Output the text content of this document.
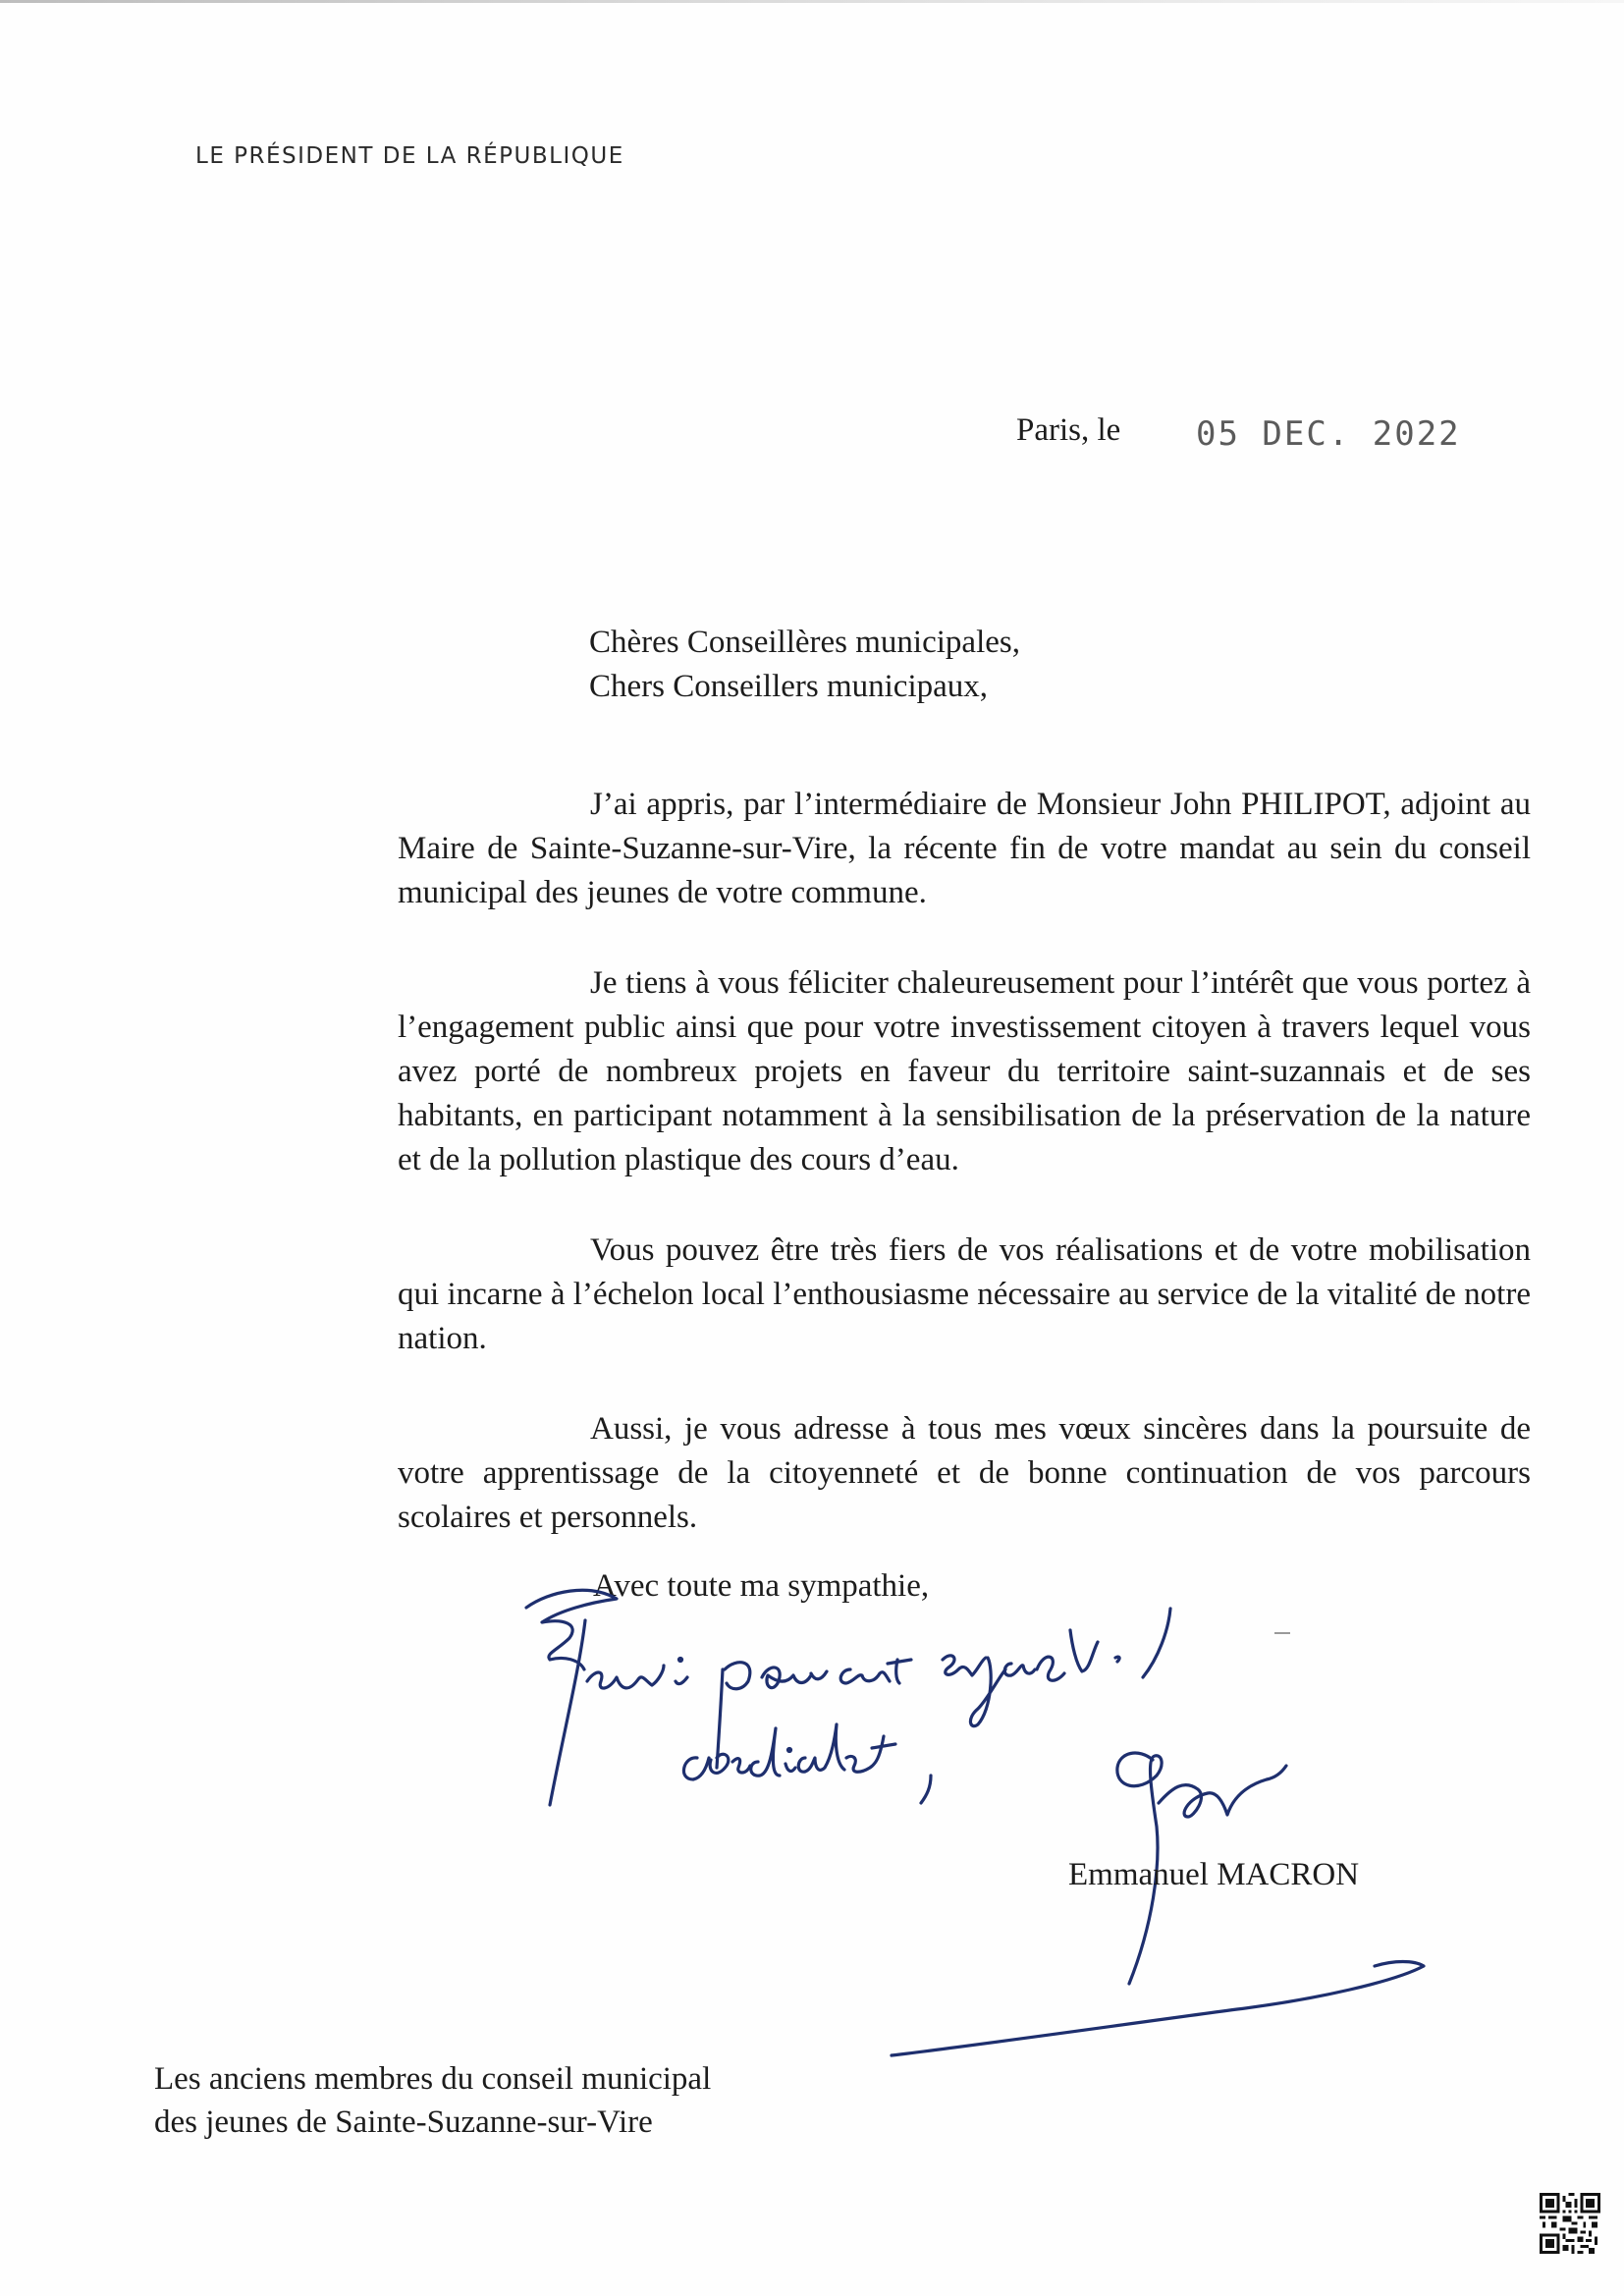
LE PRÉSIDENT DE LA RÉPUBLIQUE
Paris, le 05 DEC. 2022
Chères Conseillères municipales,
Chers Conseillers municipaux,

J’ai appris, par l’intermédiaire de Monsieur John PHILIPOT, adjoint au Maire de Sainte-Suzanne-sur-Vire, la récente fin de votre mandat au sein du conseil municipal des jeunes de votre commune.

Je tiens à vous féliciter chaleureusement pour l’intérêt que vous portez à l’engagement public ainsi que pour votre investissement citoyen à travers lequel vous avez porté de nombreux projets en faveur du territoire saint-suzannais et de ses habitants, en participant notamment à la sensibilisation de la préservation de la nature et de la pollution plastique des cours d’eau.

Vous pouvez être très fiers de vos réalisations et de votre mobilisation qui incarne à l’échelon local l’enthousiasme nécessaire au service de la vitalité de notre nation.

Aussi, je vous adresse à tous mes vœux sincères dans la poursuite de votre apprentissage de la citoyenneté et de bonne continuation de vos parcours scolaires et personnels.

Avec toute ma sympathie,
Emmanuel MACRON
Les anciens membres du conseil municipal
des jeunes de Sainte-Suzanne-sur-Vire
